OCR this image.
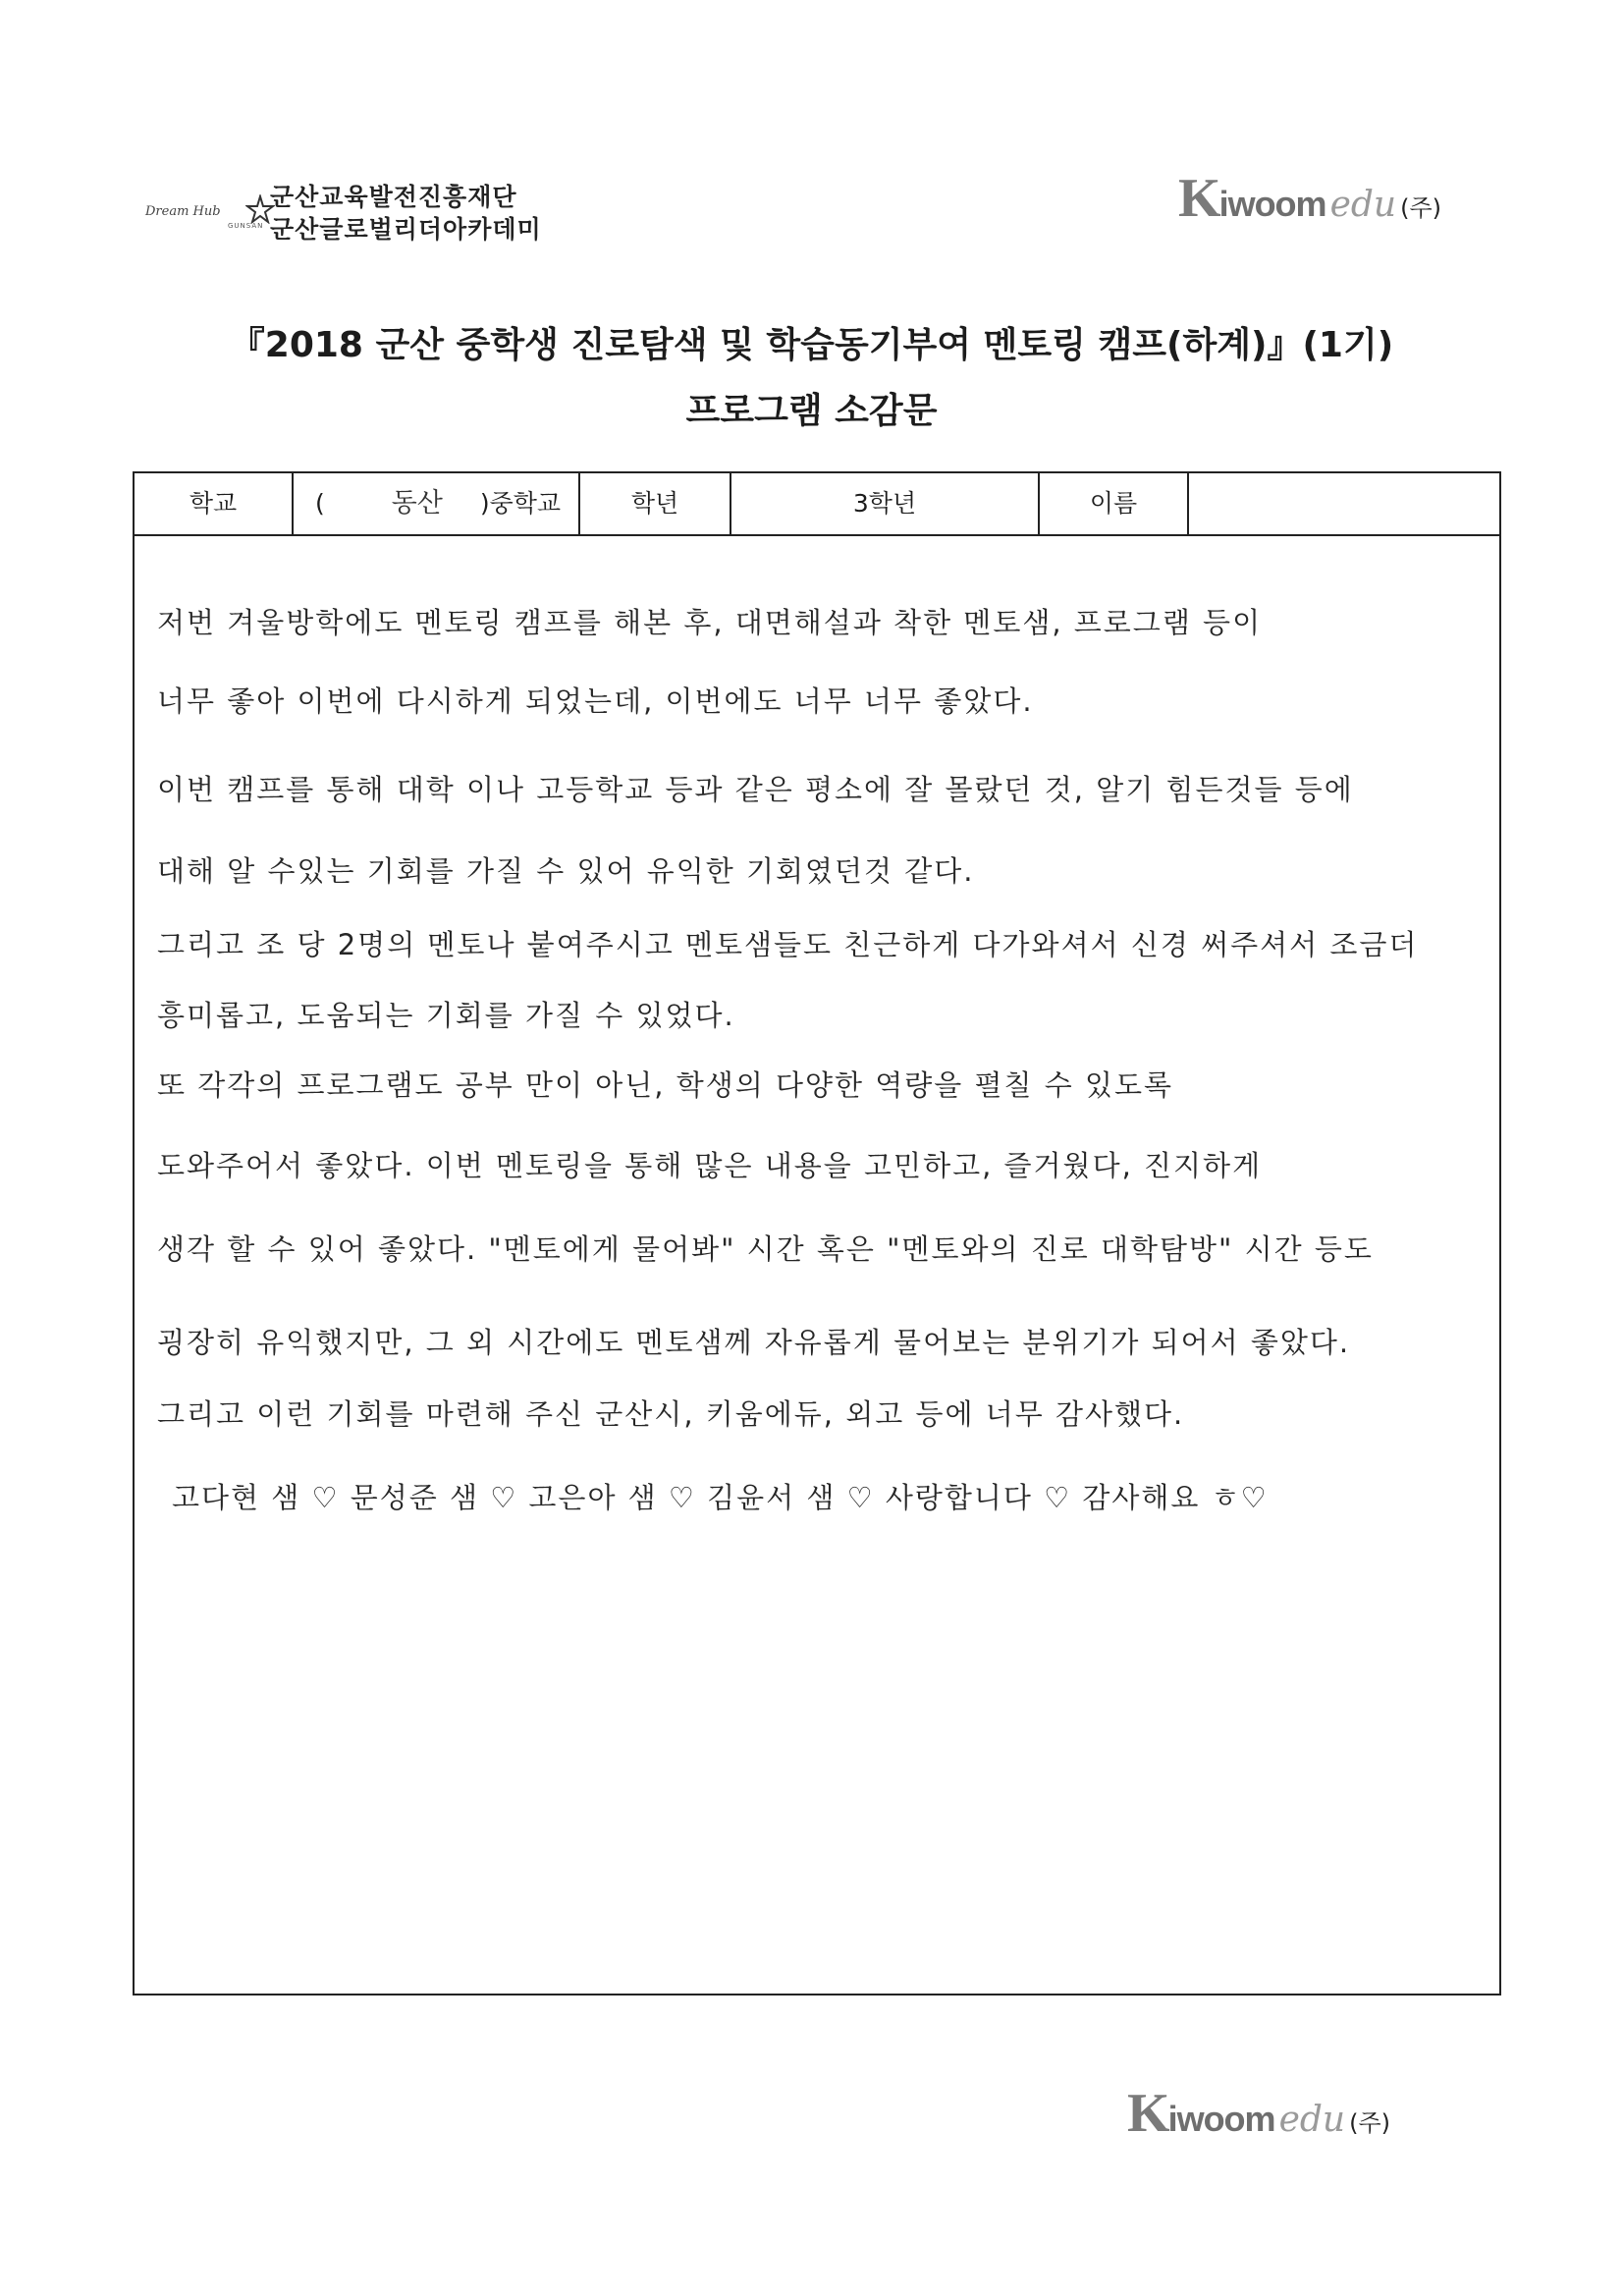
Dream Hub
GUNSAN
군산교육발전진흥재단
군산글로벌리더아카데미
Kiwoom edu (주)
『2018 군산 중학생 진로탐색 및 학습동기부여 멘토링 캠프(하계)』(1기)
프로그램 소감문
학교	(	동산 )중학교	학년	3학년	이름
저번 겨울방학에도 멘토링 캠프를 해본 후, 대면해설과 착한 멘토샘, 프로그램 등이
너무 좋아 이번에 다시하게 되었는데, 이번에도 너무 너무 좋았다.
이번 캠프를 통해 대학 이나 고등학교 등과 같은 평소에 잘 몰랐던 것, 알기 힘든것들 등에
대해 알 수있는 기회를 가질 수 있어 유익한 기회였던것 같다.
그리고 조 당 2명의 멘토나 붙여주시고 멘토샘들도 친근하게 다가와셔서 신경 써주셔서 조금더
흥미롭고, 도움되는 기회를 가질 수 있었다.
또 각각의 프로그램도 공부 만이 아닌, 학생의 다양한 역량을 펼칠 수 있도록
도와주어서 좋았다. 이번 멘토링을 통해 많은 내용을 고민하고, 즐거웠다, 진지하게
생각 할 수 있어 좋았다. "멘토에게 물어봐" 시간 혹은 "멘토와의 진로 대학탐방" 시간 등도
굉장히 유익했지만, 그 외 시간에도 멘토샘께 자유롭게 물어보는 분위기가 되어서 좋았다.
그리고 이런 기회를 마련해 주신 군산시, 키움에듀, 외고 등에 너무 감사했다.
고다현 샘 ♡ 문성준 샘 ♡ 고은아 샘 ♡ 김윤서 샘 ♡ 사랑합니다 ♡ 감사해요 ㅎ♡
Kiwoom edu (주)
